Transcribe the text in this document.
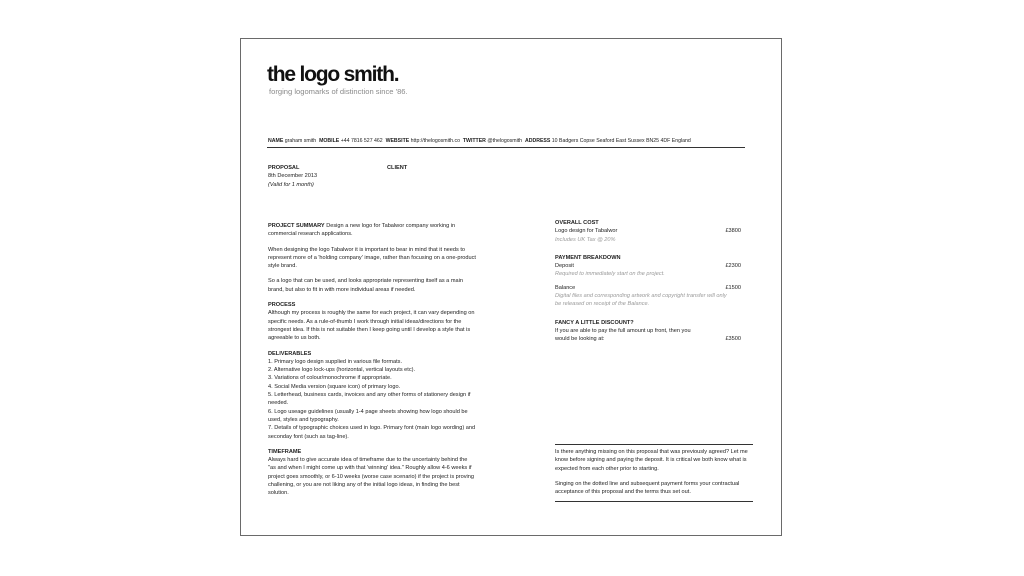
the logo smith.
forging logomarks of distinction since '86.
NAME graham smith MOBILE +44 7816 527 462 WEBSITE http://thelogosmith.co TWITTER @thelogosmith ADDRESS 10 Badgers Copse Seaford East Sussex BN25 4DF England
PROPOSAL
8th December 2013
(Valid for 1 month)
CLIENT
PROJECT SUMMARY Design a new logo for Tabalwor company working in commercial research applications.
When designing the logo Tabalwor it is important to bear in mind that it needs to represent more of a 'holding company' image, rather than focusing on a one-product style brand.
So a logo that can be used, and looks appropriate representing itself as a main brand, but also to fit in with more individual areas if needed.
PROCESS
Although my process is roughly the same for each project, it can vary depending on specific needs. As a rule-of-thumb I work through initial ideas/directions for the strongest idea. If this is not suitable then I keep going until I develop a style that is agreeable to us both.
DELIVERABLES
1. Primary logo design supplied in various file formats.
2. Alternative logo lock-ups (horizontal, vertical layouts etc).
3. Variations of colour/monochrome if appropriate.
4. Social Media version (square icon) of primary logo.
5. Letterhead, business cards, invoices and any other forms of stationery design if needed.
6. Logo useage guidelines (usually 1-4 page sheets showing how logo should be used, styles and typography.
7. Details of typographic choices used in logo. Primary font (main logo wording) and seconday font (such as tag-line).
TIMEFRAME
Always hard to give accurate idea of timeframe due to the uncertainty behind the "as and when I might come up with that 'winning' idea." Roughly allow 4-6 weeks if project goes smoothly, or 6-10 weeks (worse case scenario) if the project is proving challening, or you are not liking any of the initial logo ideas, in finding the best solution.
OVERALL COST
Logo design for Tabalwor	£3800
Includes UK Tax @ 20%
PAYMENT BREAKDOWN
Deposit	£2300
Required to immediately start on the project.
Balance	£1500
Digital files and corresponding artwork and copyright transfer will only be released on receipt of the Balance.
FANCY A LITTLE DISCOUNT?
If you are able to pay the full amount up front, then you would be looking at:	£3500
Is there anything missing on this proposal that was previously agreed? Let me know before signing and paying the deposit. It is critical we both know what is expected from each other prior to starting.
Singing on the dotted line and subsequent payment forms your contractual acceptance of this proposal and the terms thus set out.
